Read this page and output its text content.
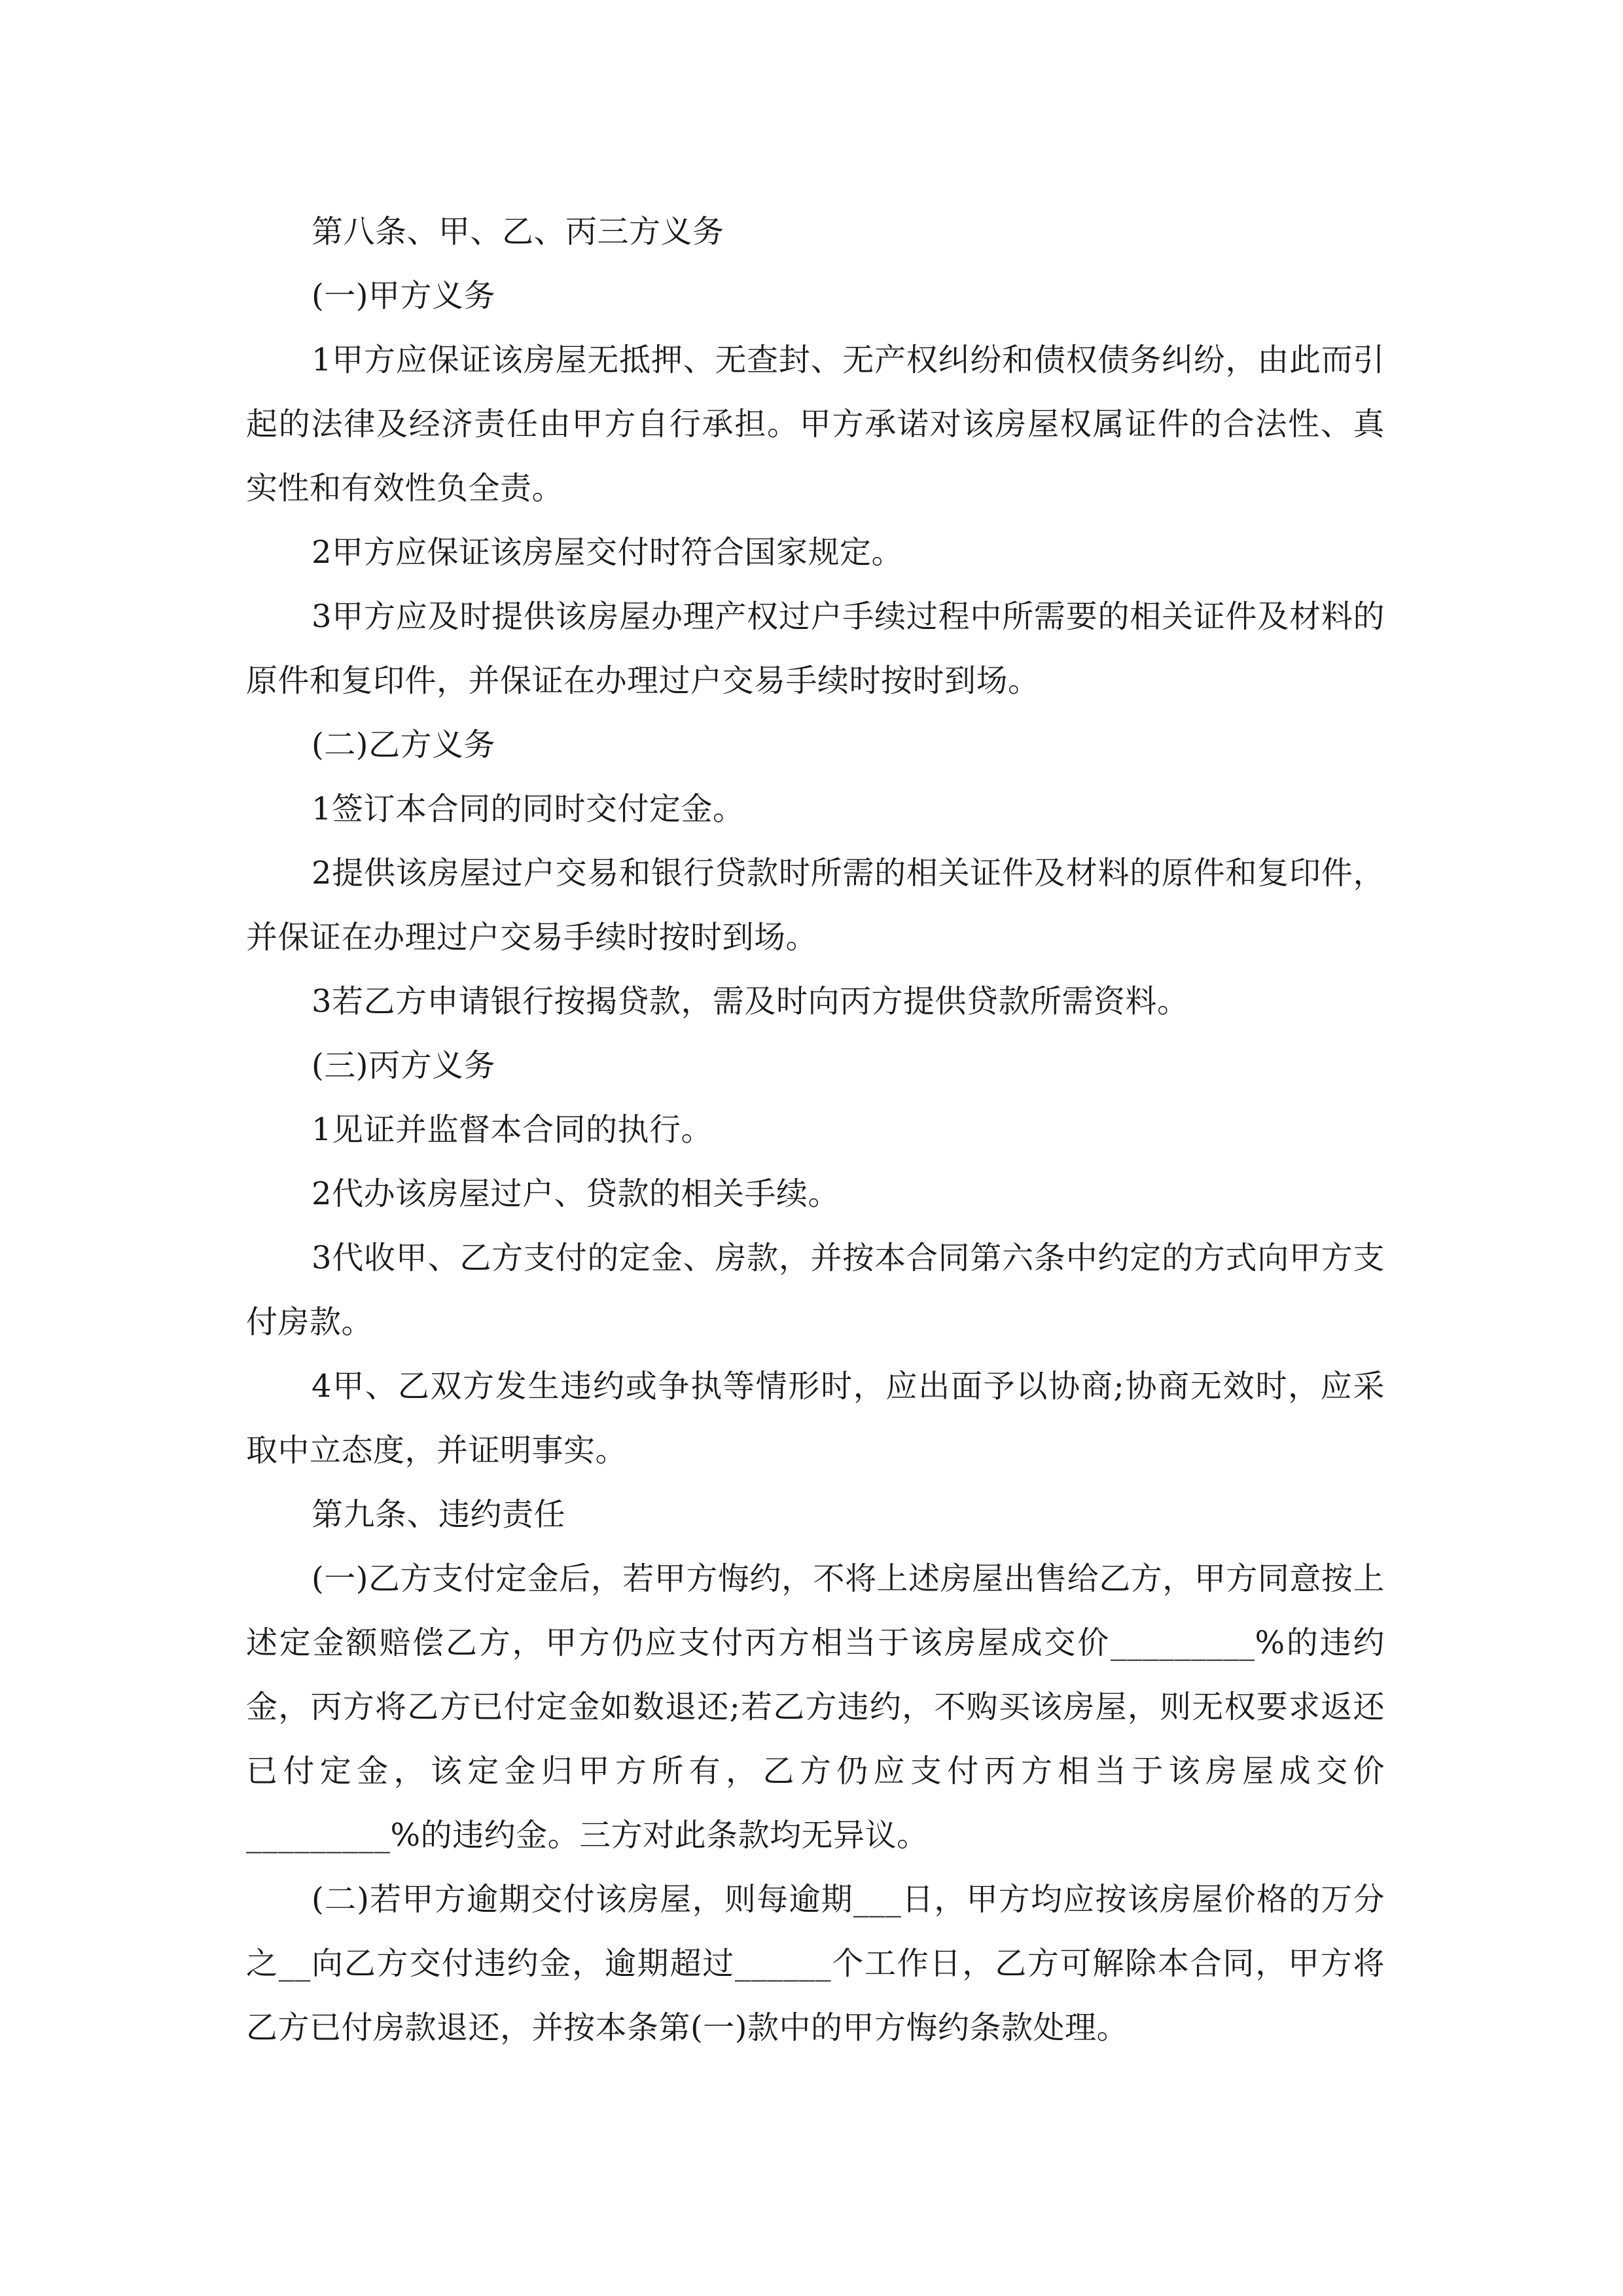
第八条、甲、乙、丙三方义务

(一)甲方义务

1甲方应保证该房屋无抵押、无查封、无产权纠纷和债权债务纠纷，由此而引起的法律及经济责任由甲方自行承担。甲方承诺对该房屋权属证件的合法性、真实性和有效性负全责。

2甲方应保证该房屋交付时符合国家规定。

3甲方应及时提供该房屋办理产权过户手续过程中所需要的相关证件及材料的原件和复印件，并保证在办理过户交易手续时按时到场。

(二)乙方义务

1签订本合同的同时交付定金。

2提供该房屋过户交易和银行贷款时所需的相关证件及材料的原件和复印件，并保证在办理过户交易手续时按时到场。

3若乙方申请银行按揭贷款，需及时向丙方提供贷款所需资料。

(三)丙方义务

1见证并监督本合同的执行。

2代办该房屋过户、贷款的相关手续。

3代收甲、乙方支付的定金、房款，并按本合同第六条中约定的方式向甲方支付房款。

4甲、乙双方发生违约或争执等情形时，应出面予以协商;协商无效时，应采取中立态度，并证明事实。

第九条、违约责任

(一)乙方支付定金后，若甲方悔约，不将上述房屋出售给乙方，甲方同意按上述定金额赔偿乙方，甲方仍应支付丙方相当于该房屋成交价_________%的违约金，丙方将乙方已付定金如数退还;若乙方违约，不购买该房屋，则无权要求返还已付定金，该定金归甲方所有，乙方仍应支付丙方相当于该房屋成交价_________%的违约金。三方对此条款均无异议。

(二)若甲方逾期交付该房屋，则每逾期___日，甲方均应按该房屋价格的万分之__向乙方交付违约金，逾期超过______个工作日，乙方可解除本合同，甲方将乙方已付房款退还，并按本条第(一)款中的甲方悔约条款处理。
